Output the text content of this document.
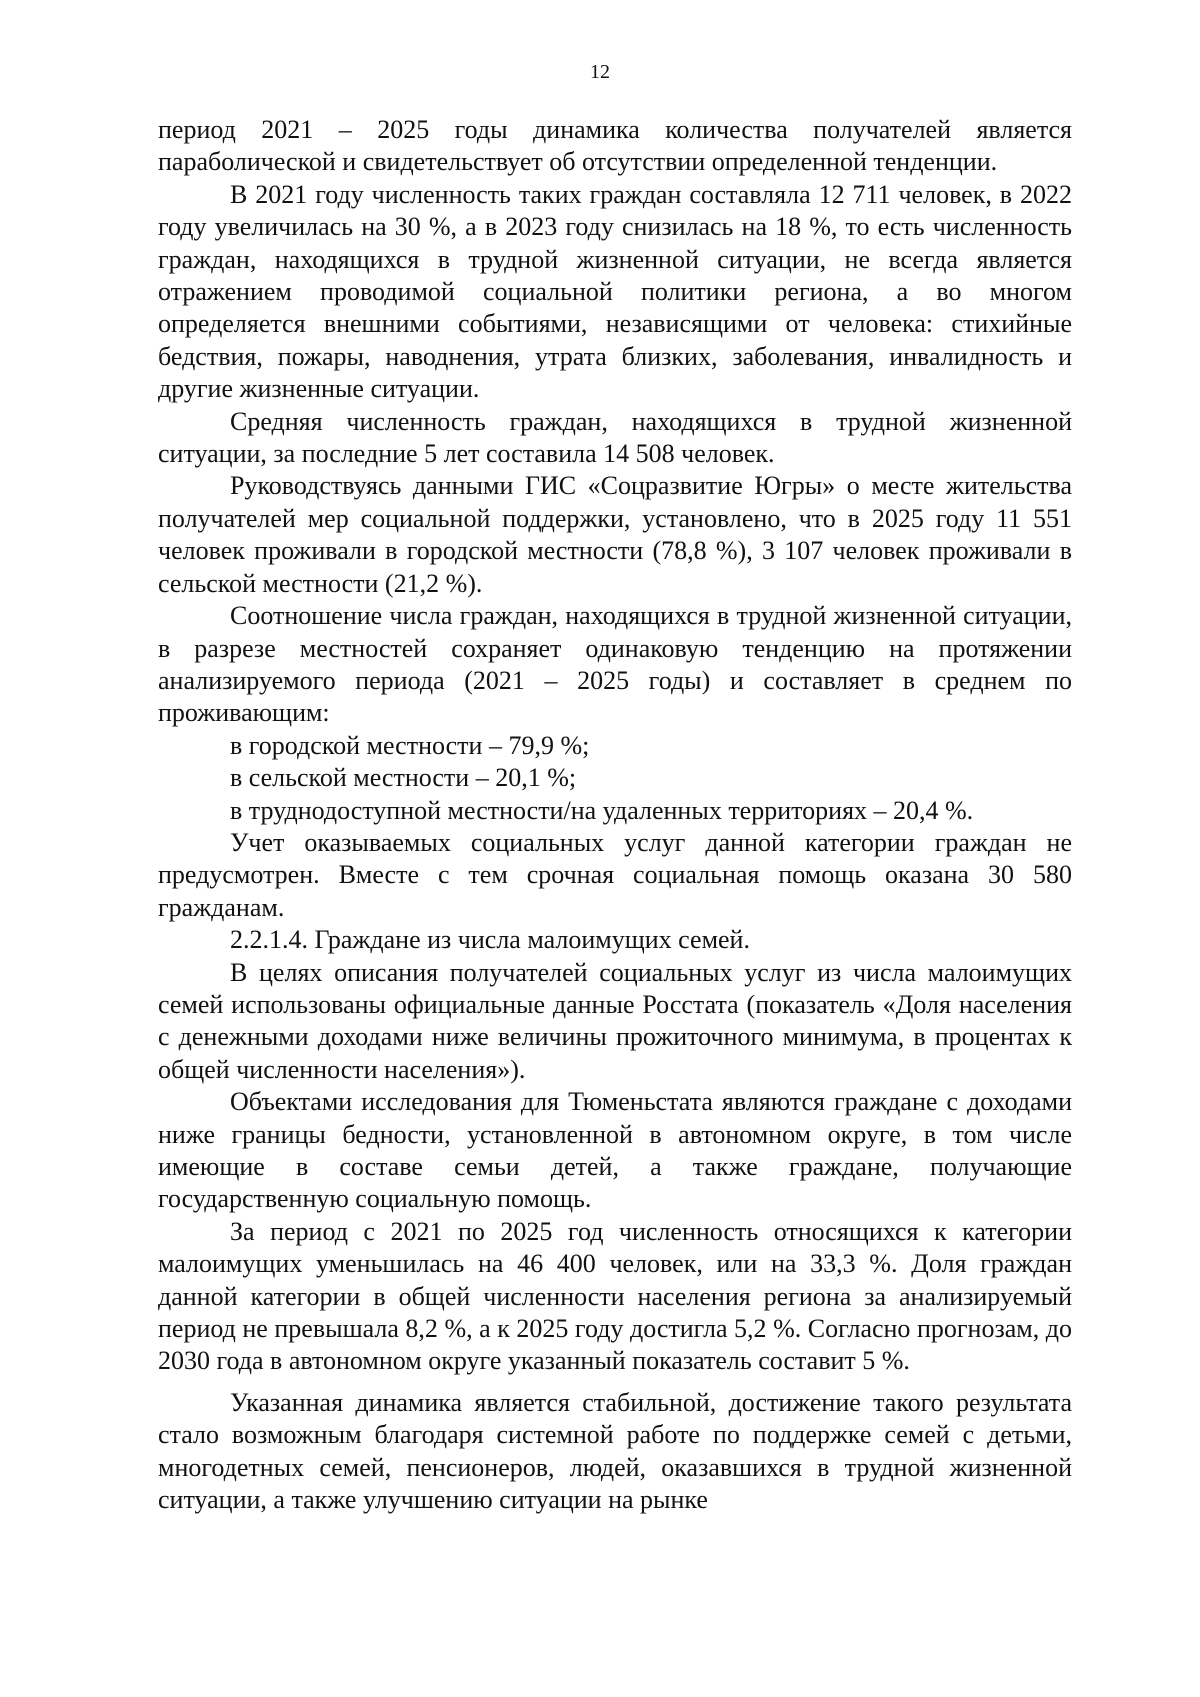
12

период 2021 – 2025 годы динамика количества получателей является параболической и свидетельствует об отсутствии определенной тенденции.

В 2021 году численность таких граждан составляла 12 711 человек, в 2022 году увеличилась на 30 %, а в 2023 году снизилась на 18 %, то есть численность граждан, находящихся в трудной жизненной ситуации, не всегда является отражением проводимой социальной политики региона, а во многом определяется внешними событиями, независящими от человека: стихийные бедствия, пожары, наводнения, утрата близких, заболевания, инвалидность и другие жизненные ситуации.

Средняя численность граждан, находящихся в трудной жизненной ситуации, за последние 5 лет составила 14 508 человек.

Руководствуясь данными ГИС «Соцразвитие Югры» о месте жительства получателей мер социальной поддержки, установлено, что в 2025 году 11 551 человек проживали в городской местности (78,8 %), 3 107 человек проживали в сельской местности (21,2 %).

Соотношение числа граждан, находящихся в трудной жизненной ситуации, в разрезе местностей сохраняет одинаковую тенденцию на протяжении анализируемого периода (2021 – 2025 годы) и составляет в среднем по проживающим:

в городской местности – 79,9 %;

в сельской местности – 20,1 %;

в труднодоступной местности/на удаленных территориях – 20,4 %.

Учет оказываемых социальных услуг данной категории граждан не предусмотрен. Вместе с тем срочная социальная помощь оказана 30 580 гражданам.

2.2.1.4. Граждане из числа малоимущих семей.

В целях описания получателей социальных услуг из числа малоимущих семей использованы официальные данные Росстата (показатель «Доля населения с денежными доходами ниже величины прожиточного минимума, в процентах к общей численности населения»).

Объектами исследования для Тюменьстата являются граждане с доходами ниже границы бедности, установленной в автономном округе, в том числе имеющие в составе семьи детей, а также граждане, получающие государственную социальную помощь.

За период с 2021 по 2025 год численность относящихся к категории малоимущих уменьшилась на 46 400 человек, или на 33,3 %. Доля граждан данной категории в общей численности населения региона за анализируемый период не превышала 8,2 %, а к 2025 году достигла 5,2 %. Согласно прогнозам, до 2030 года в автономном округе указанный показатель составит 5 %.

Указанная динамика является стабильной, достижение такого результата стало возможным благодаря системной работе по поддержке семей с детьми, многодетных семей, пенсионеров, людей, оказавшихся в трудной жизненной ситуации, а также улучшению ситуации на рынке
